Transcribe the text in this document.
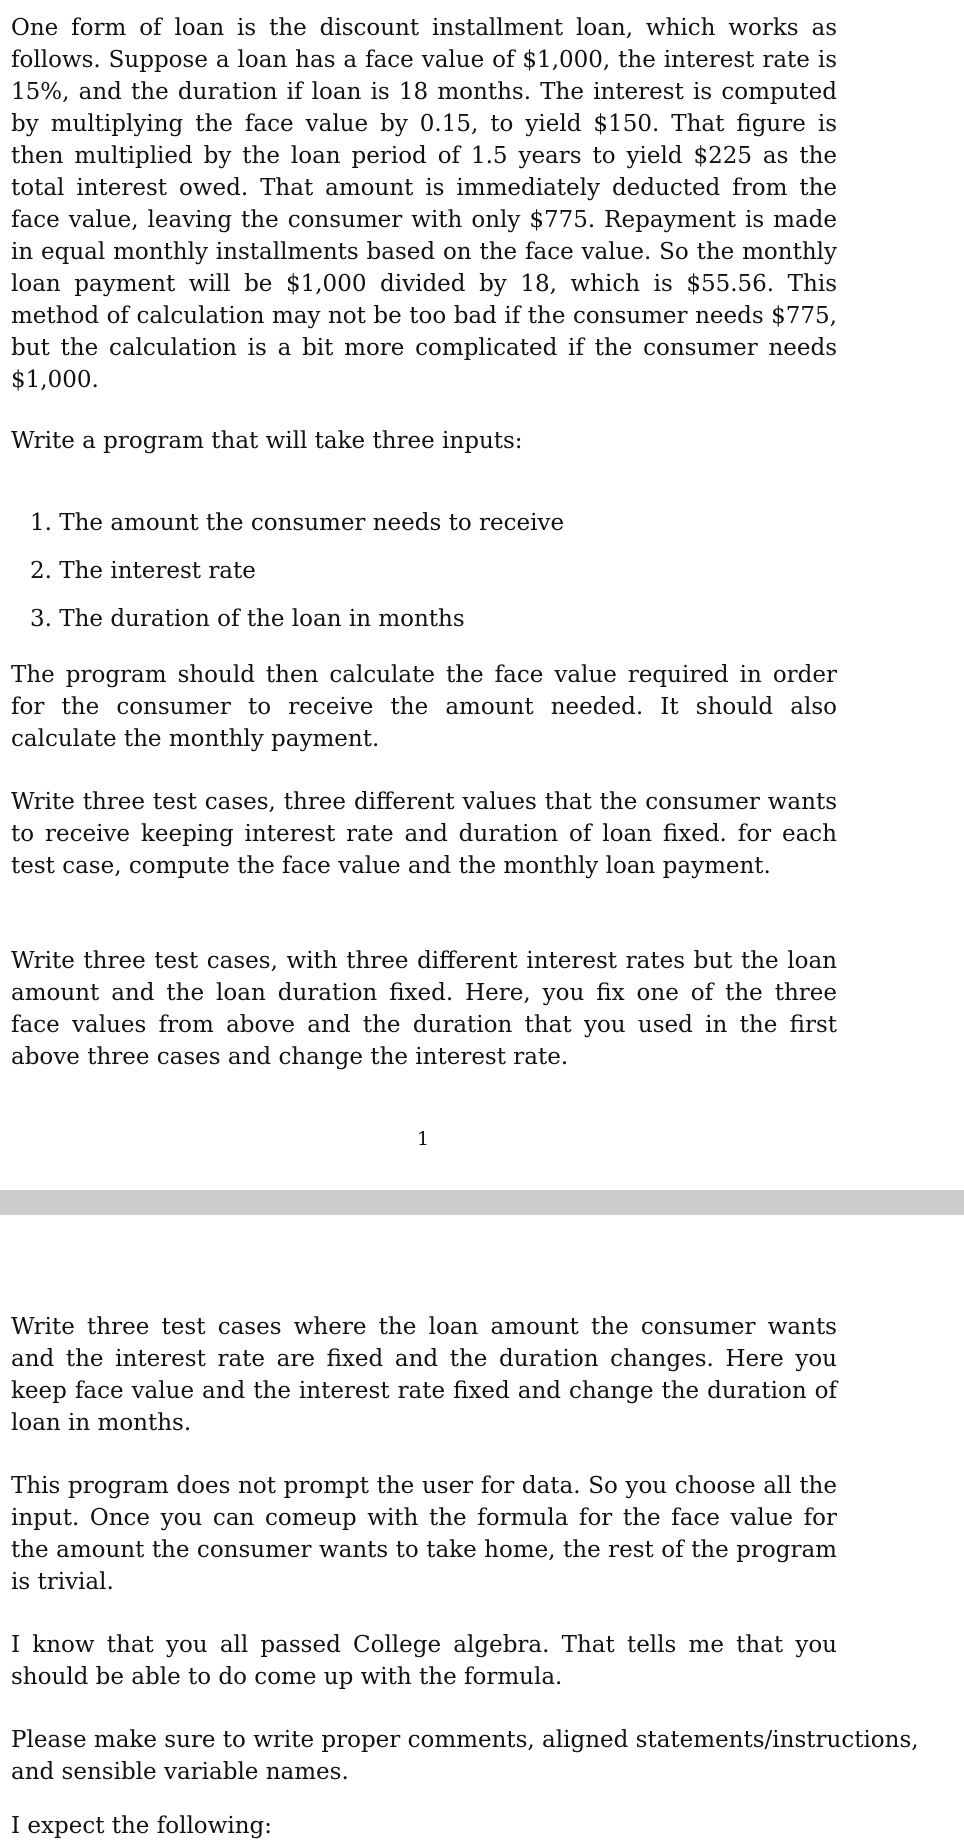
One form of loan is the discount installment loan, which works as follows. Suppose a loan has a face value of $1,000, the interest rate is 15%, and the duration if loan is 18 months. The interest is computed by multiplying the face value by 0.15, to yield $150. That figure is then multiplied by the loan period of 1.5 years to yield $225 as the total interest owed. That amount is immediately deducted from the face value, leaving the consumer with only $775. Repayment is made in equal monthly installments based on the face value. So the monthly loan payment will be $1,000 divided by 18, which is $55.56. This method of calculation may not be too bad if the consumer needs $775, but the calculation is a bit more complicated if the consumer needs $1,000.

Write a program that will take three inputs:

1. The amount the consumer needs to receive
2. The interest rate
3. The duration of the loan in months

The program should then calculate the face value required in order for the consumer to receive the amount needed. It should also calculate the monthly payment.

Write three test cases, three different values that the consumer wants to receive keeping interest rate and duration of loan fixed. for each test case, compute the face value and the monthly loan payment.

Write three test cases, with three different interest rates but the loan amount and the loan duration fixed. Here, you fix one of the three face values from above and the duration that you used in the first above three cases and change the interest rate.

1

Write three test cases where the loan amount the consumer wants and the interest rate are fixed and the duration changes. Here you keep face value and the interest rate fixed and change the duration of loan in months.

This program does not prompt the user for data. So you choose all the input. Once you can comeup with the formula for the face value for the amount the consumer wants to take home, the rest of the program is trivial.

I know that you all passed College algebra. That tells me that you should be able to do come up with the formula.

Please make sure to write proper comments, aligned statements/instructions, and sensible variable names.

I expect the following:
